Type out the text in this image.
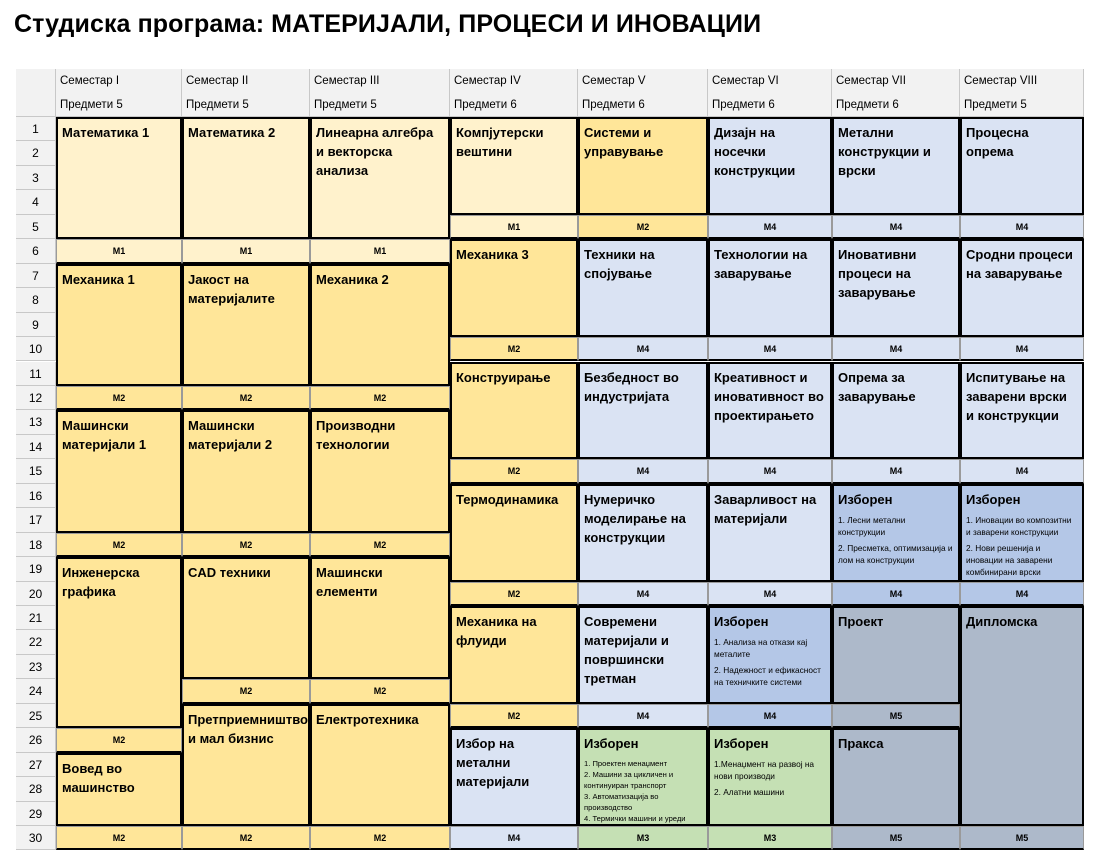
Студиска програма: МАТЕРИЈАЛИ, ПРОЦЕСИ И ИНОВАЦИИ
Семестар I
Предмети 5
Семестар II
Предмети 5
Семестар III
Предмети 5
Семестар IV
Предмети 6
Семестар V
Предмети 6
Семестар VI
Предмети 6
Семестар VII
Предмети 6
Семестар VIII
Предмети 5
1
2
3
4
5
6
7
8
9
10
11
12
13
14
15
16
17
18
19
20
21
22
23
24
25
26
27
28
29
30
Математика 1
M1
Механика 1
M2
Машински материјали 1
M2
Инженерска графика
M2
Вовед во машинство
M2
Математика 2
M1
Јакост на материјалите
M2
Машински материјали 2
M2
CAD техники
M2
Претприемништво и мал бизнис
M2
Линеарна алгебра и векторска анализа
M1
Механика 2
M2
Производни технологии
M2
Машински елементи
M2
Електротехника
M2
Компјутерски вештини
M1
Механика 3
M2
Конструирање
M2
Термодинамика
M2
Механика на флуиди
M2
Избор на метални материјали
M4
Системи и управување
M2
Техники на спојување
M4
Безбедност во индустријата
M4
Нумеричко моделирање на конструкции
M4
Современи материјали и површински третман
M4
Изборен
1. Проектен менаџмент
2. Машини за цикличен и континуиран транспорт
3. Автоматизација во производство
4. Термички машини и уреди
M3
Дизајн на носечки конструкции
M4
Технологии на заварување
M4
Креативност и иновативност во проектирањето
M4
Заварливост на материјали
M4
Изборен
1. Анализа на откази кај металите
2. Надежност и ефикасност на техничките системи
M4
Изборен
1.Менаџмент на развој на нови производи
2. Алатни машини
M3
Метални конструкции и врски
M4
Иновативни процеси на заварување
M4
Опрема за заварување
M4
Изборен
1. Лесни метални конструкции
2. Пресметка, оптимизација и лом на конструкции
M4
Проект
M5
Пракса
M5
Процесна опрема
M4
Сродни процеси на заварување
M4
Испитување на заварени врски и конструкции
M4
Изборен
1. Иновации во композитни и заварени конструкции
2. Нови решенија и иновации на заварени комбинирани врски
M4
Дипломска
M5
